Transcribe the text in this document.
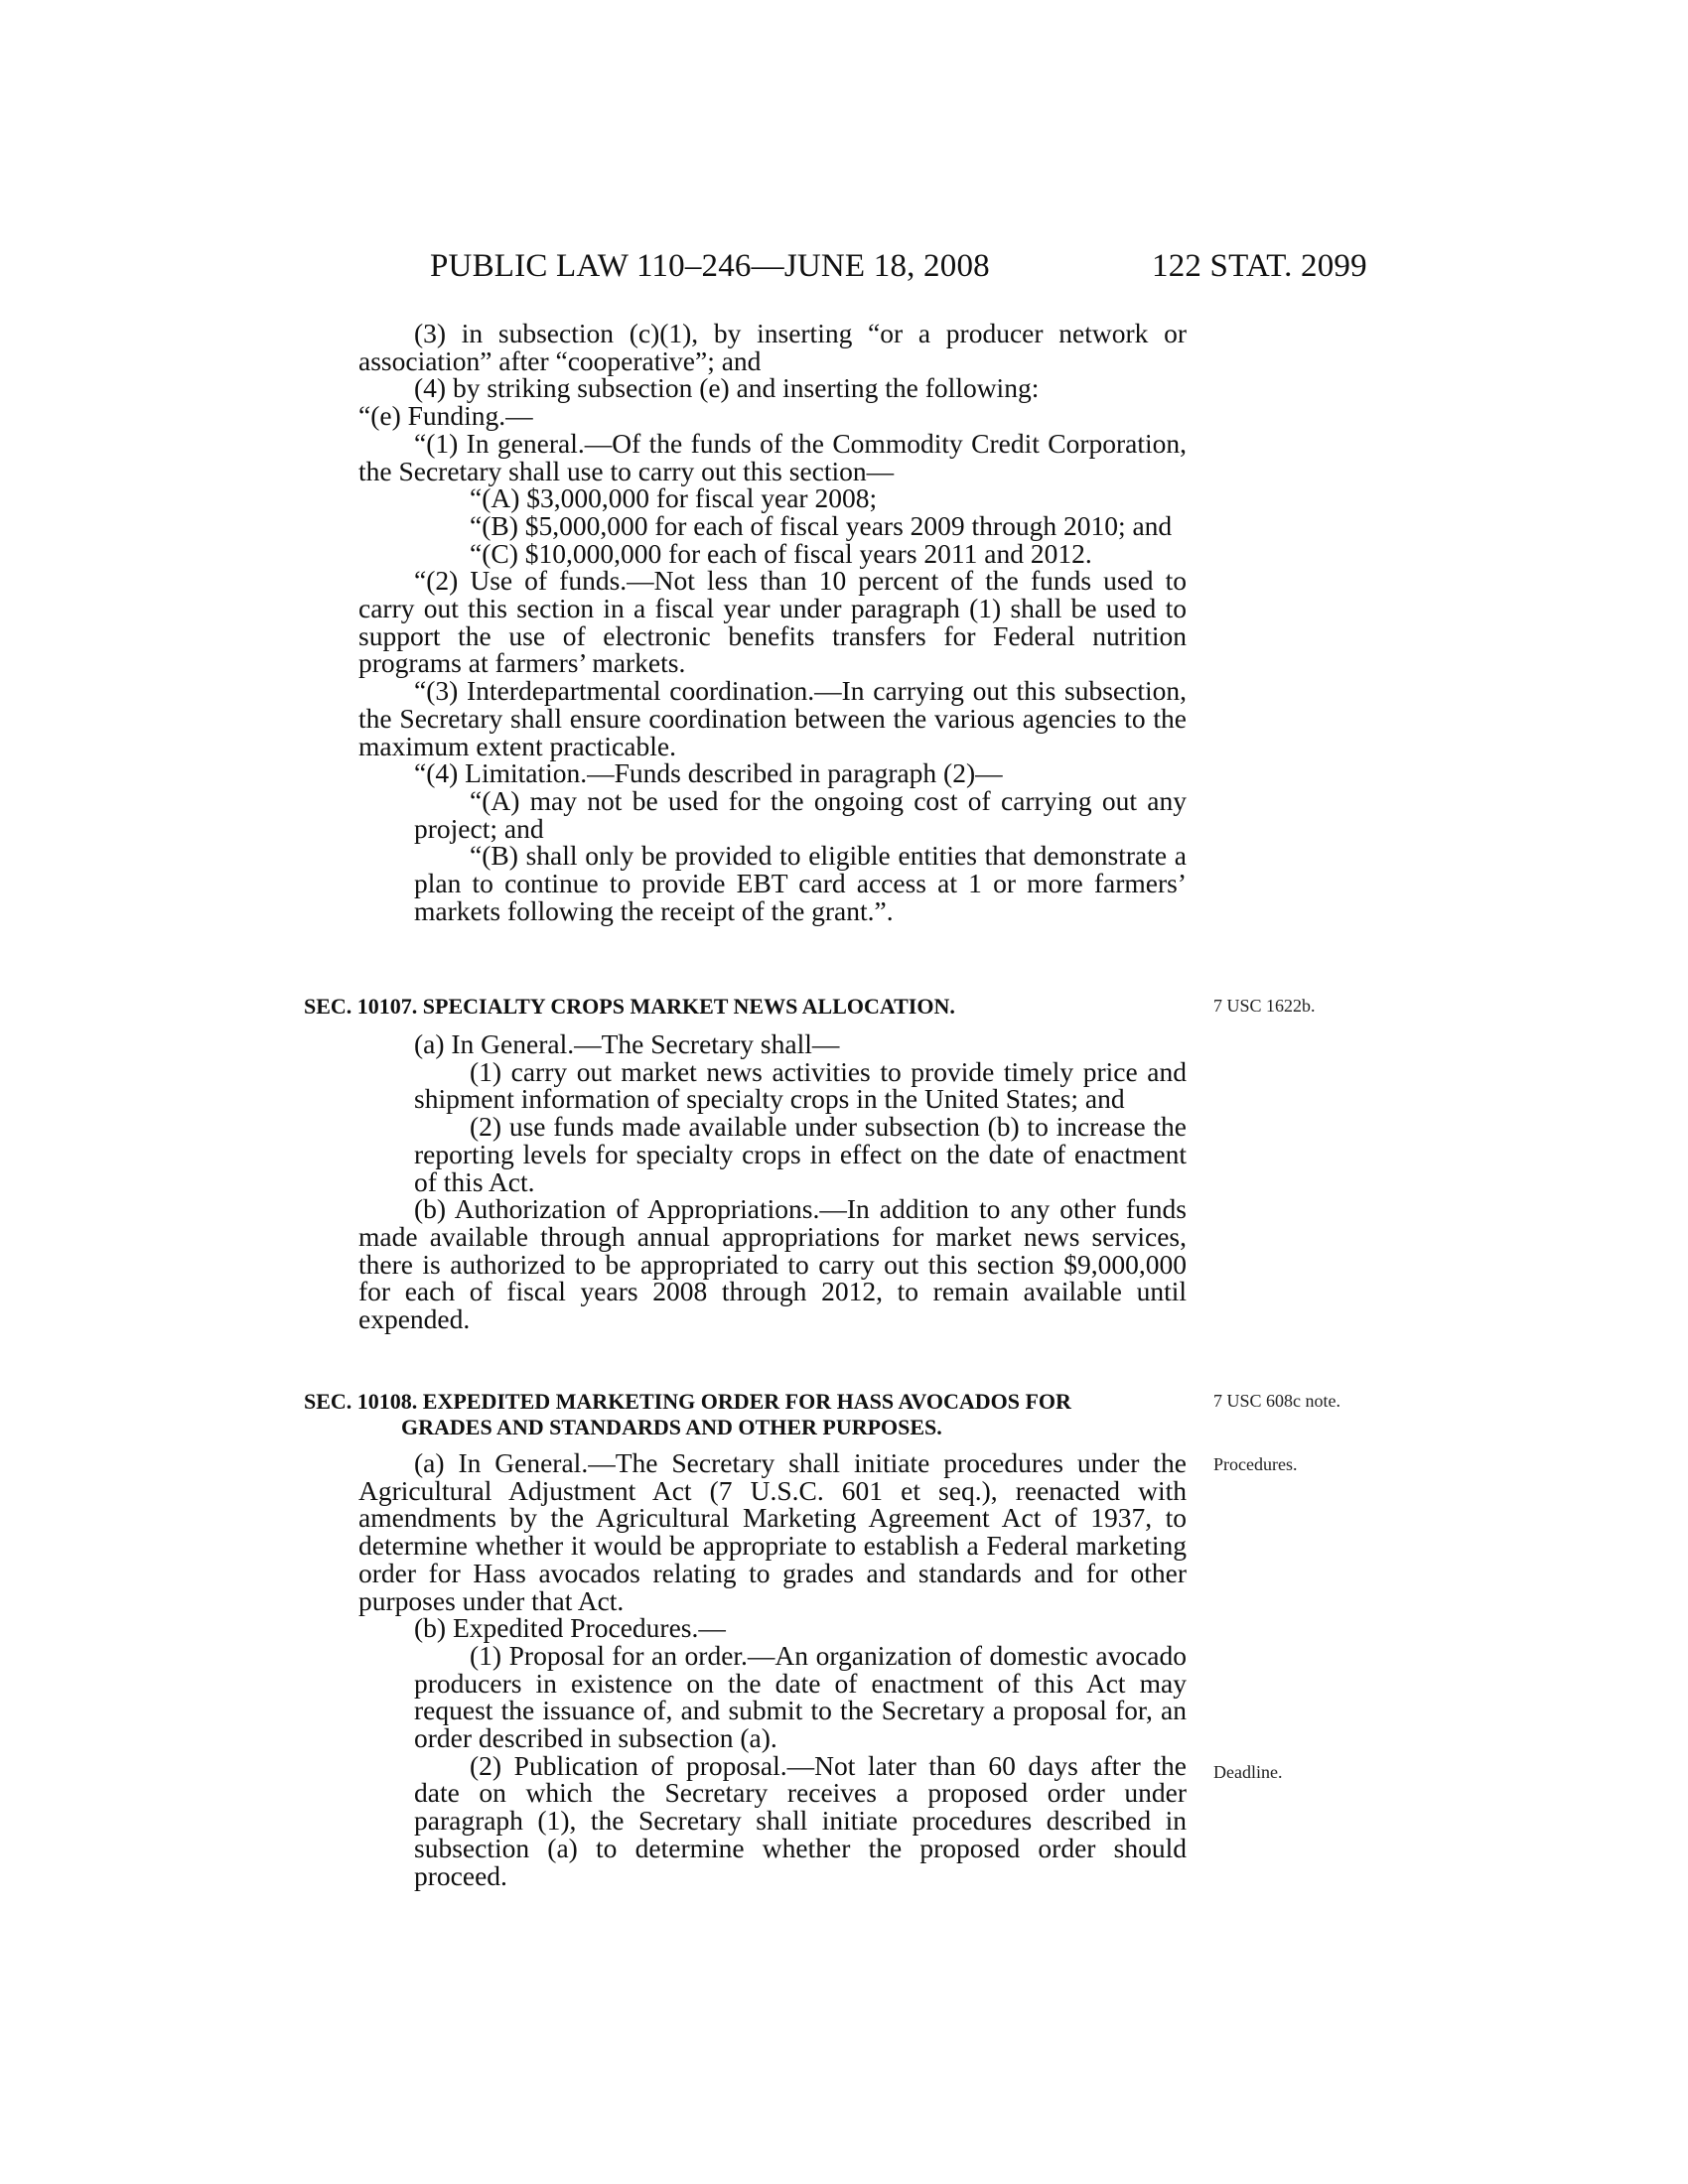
PUBLIC LAW 110–246—JUNE 18, 2008	122 STAT. 2099

(3) in subsection (c)(1), by inserting “or a producer network or association” after “cooperative”; and

(4) by striking subsection (e) and inserting the following:

“(e) Funding.—

“(1) In general.—Of the funds of the Commodity Credit Corporation, the Secretary shall use to carry out this section—

“(A) $3,000,000 for fiscal year 2008;

“(B) $5,000,000 for each of fiscal years 2009 through 2010; and

“(C) $10,000,000 for each of fiscal years 2011 and 2012.

“(2) Use of funds.—Not less than 10 percent of the funds used to carry out this section in a fiscal year under paragraph (1) shall be used to support the use of electronic benefits transfers for Federal nutrition programs at farmers’ markets.

“(3) Interdepartmental coordination.—In carrying out this subsection, the Secretary shall ensure coordination between the various agencies to the maximum extent practicable.

“(4) Limitation.—Funds described in paragraph (2)—

“(A) may not be used for the ongoing cost of carrying out any project; and

“(B) shall only be provided to eligible entities that demonstrate a plan to continue to provide EBT card access at 1 or more farmers’ markets following the receipt of the grant.”.

SEC. 10107. SPECIALTY CROPS MARKET NEWS ALLOCATION.	7 USC 1622b.

(a) In General.—The Secretary shall—

(1) carry out market news activities to provide timely price and shipment information of specialty crops in the United States; and

(2) use funds made available under subsection (b) to increase the reporting levels for specialty crops in effect on the date of enactment of this Act.

(b) Authorization of Appropriations.—In addition to any other funds made available through annual appropriations for market news services, there is authorized to be appropriated to carry out this section $9,000,000 for each of fiscal years 2008 through 2012, to remain available until expended.

SEC. 10108. EXPEDITED MARKETING ORDER FOR HASS AVOCADOS FOR
GRADES AND STANDARDS AND OTHER PURPOSES.
7 USC 608c note.
Procedures.
Deadline.

(a) In General.—The Secretary shall initiate procedures under the Agricultural Adjustment Act (7 U.S.C. 601 et seq.), reenacted with amendments by the Agricultural Marketing Agreement Act of 1937, to determine whether it would be appropriate to establish a Federal marketing order for Hass avocados relating to grades and standards and for other purposes under that Act.

(b) Expedited Procedures.—

(1) Proposal for an order.—An organization of domestic avocado producers in existence on the date of enactment of this Act may request the issuance of, and submit to the Secretary a proposal for, an order described in subsection (a).

(2) Publication of proposal.—Not later than 60 days after the date on which the Secretary receives a proposed order under paragraph (1), the Secretary shall initiate procedures described in subsection (a) to determine whether the proposed order should proceed.
